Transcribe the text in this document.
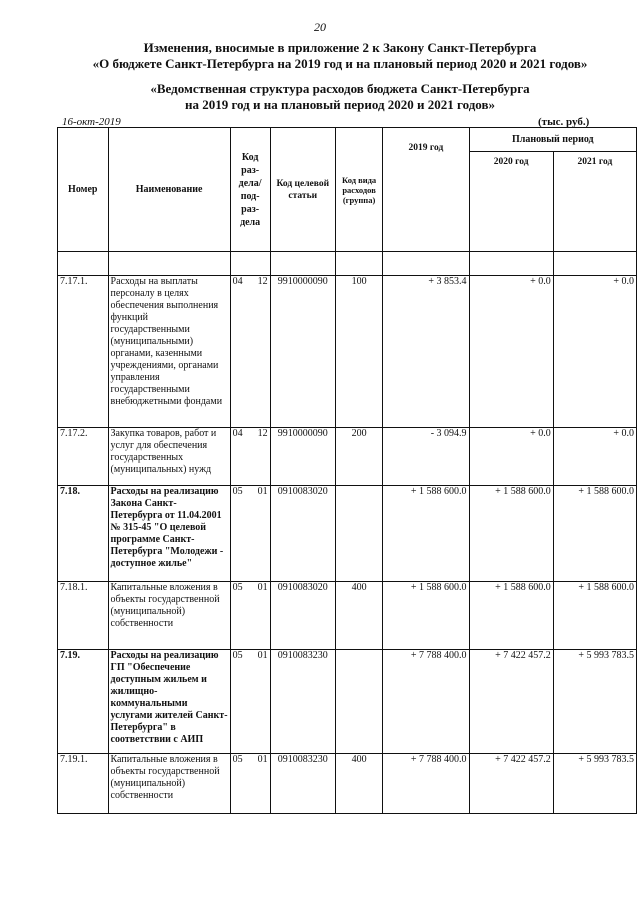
20
Изменения, вносимые в приложение 2 к Закону Санкт-Петербурга
«О бюджете Санкт-Петербурга на 2019 год и на плановый период 2020 и 2021 годов»
«Ведомственная структура расходов бюджета Санкт-Петербурга
на 2019 год и на плановый период 2020 и 2021 годов»
16-окт-2019	(тыс. руб.)
Номер	Наименование	Код раз- дела/ под- раз- дела	Код целевой статьи	Код вида расходов (группа)	2019 год	Плановый период	
						2020 год	2021 год

7.17.1.	Расходы на выплаты персоналу в целях обеспечения выполнения функций государственными (муниципальными) органами, казенными учреждениями, органами управления государственными внебюджетными фондами	04 12	9910000090	100	+ 3 853.4	+ 0.0	+ 0.0
7.17.2.	Закупка товаров, работ и услуг для обеспечения государственных (муниципальных) нужд	04 12	9910000090	200	- 3 094.9	+ 0.0	+ 0.0
7.18.	Расходы на реализацию Закона Санкт-Петербурга от 11.04.2001 № 315-45 "О целевой программе Санкт-Петербурга "Молодежи - доступное жилье"	05 01	0910083020		+ 1 588 600.0	+ 1 588 600.0	+ 1 588 600.0
7.18.1.	Капитальные вложения в объекты государственной (муниципальной) собственности	05 01	0910083020	400	+ 1 588 600.0	+ 1 588 600.0	+ 1 588 600.0
7.19.	Расходы на реализацию ГП "Обеспечение доступным жильем и жилищно-коммунальными услугами жителей Санкт-Петербурга" в соответствии с АИП	05 01	0910083230		+ 7 788 400.0	+ 7 422 457.2	+ 5 993 783.5
7.19.1.	Капитальные вложения в объекты государственной (муниципальной) собственности	05 01	0910083230	400	+ 7 788 400.0	+ 7 422 457.2	+ 5 993 783.5
